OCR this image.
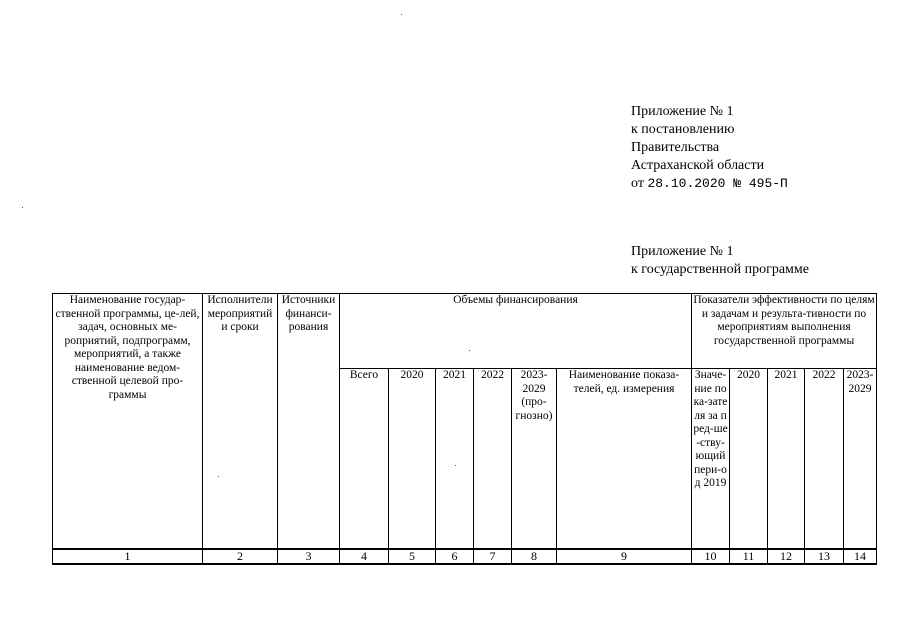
Приложение № 1
к постановлению
Правительства
Астраханской области
от 28.10.2020 № 495-П
Приложение № 1
к государственной программе
Наименование государ-ственной программы, це-лей, задач, основных ме-роприятий, подпрограмм, мероприятий, а также наименование ведом-ственной целевой про-граммы	Исполнители мероприятий и сроки	Источники финанси-рования	Объемы финансирования						Показатели эффективности по целям и задачам и результа-тивности по мероприятиям выполнения государственной программы				
			Всего	2020	2021	2022	2023-2029 (про-гнозно)	Наименование показа-телей, ед. измерения	Значе-ние пока-зателя за пред-ше-ству-ющий пери-од 2019	2020	2021	2022	2023-2029
1	2	3	4	5	6	7	8	9	10	11	12	13	14
